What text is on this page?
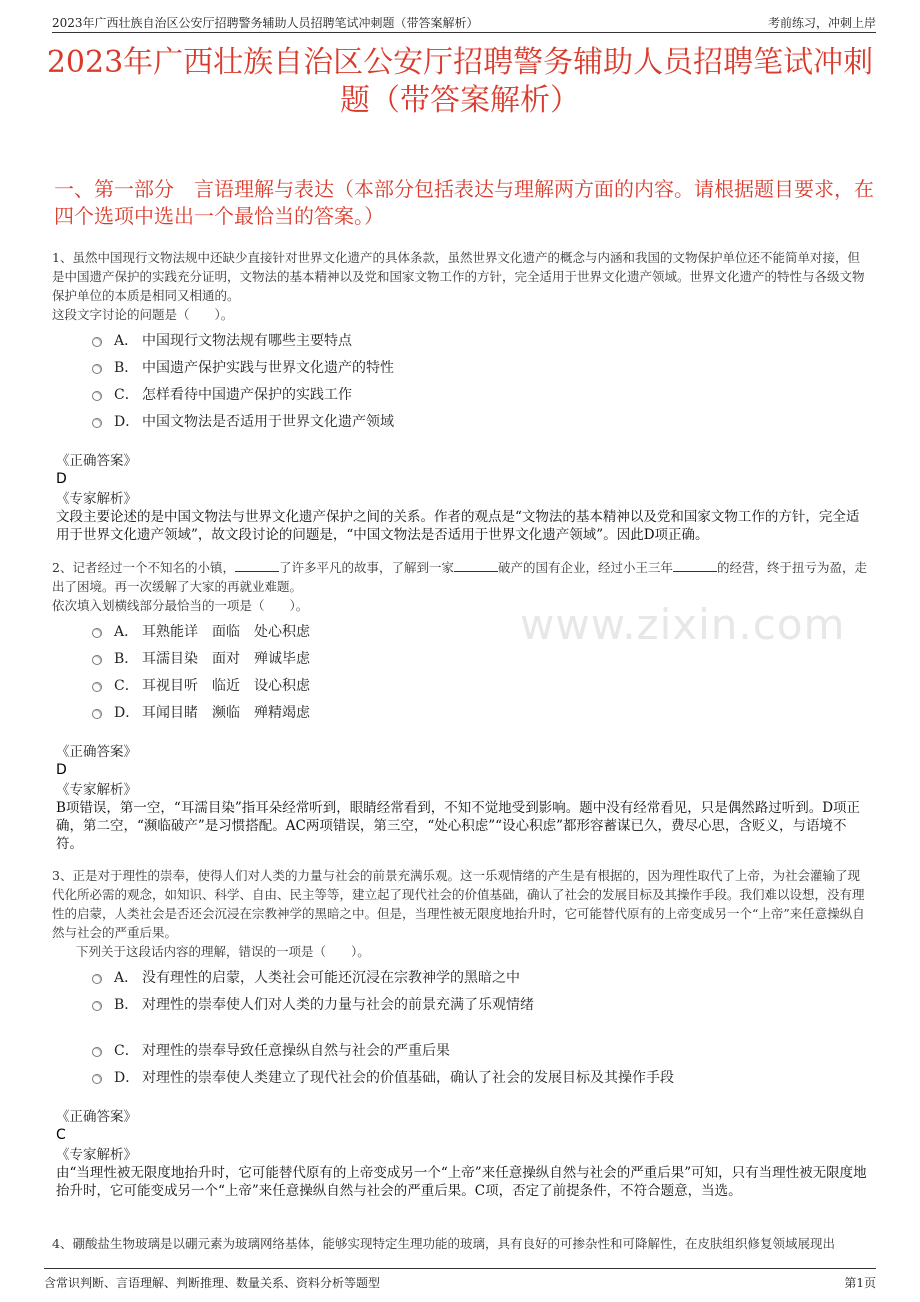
2023年广西壮族自治区公安厅招聘警务辅助人员招聘笔试冲刺题（带答案解析）	考前练习，冲刺上岸
www.zixin.com
2023年广西壮族自治区公安厅招聘警务辅助人员招聘笔试冲刺题（带答案解析）
一、第一部分　言语理解与表达（本部分包括表达与理解两方面的内容。请根据题目要求，在四个选项中选出一个最恰当的答案。）
1、虽然中国现行文物法规中还缺少直接针对世界文化遗产的具体条款，虽然世界文化遗产的概念与内涵和我国的文物保护单位还不能简单对接，但是中国遗产保护的实践充分证明，文物法的基本精神以及党和国家文物工作的方针，完全适用于世界文化遗产领域。世界文化遗产的特性与各级文物保护单位的本质是相同又相通的。
这段文字讨论的问题是（　　）。
A． 中国现行文物法规有哪些主要特点
B． 中国遗产保护实践与世界文化遗产的特性
C． 怎样看待中国遗产保护的实践工作
D． 中国文物法是否适用于世界文化遗产领域
《正确答案》
D
《专家解析》
文段主要论述的是中国文物法与世界文化遗产保护之间的关系。作者的观点是“文物法的基本精神以及党和国家文物工作的方针，完全适用于世界文化遗产领域”，故文段讨论的问题是，“中国文物法是否适用于世界文化遗产领域”。因此D项正确。
2、记者经过一个不知名的小镇，	了许多平凡的故事，了解到一家	破产的国有企业，经过小王三年	的经营，终于扭亏为盈，走出了困境。再一次缓解了大家的再就业难题。
依次填入划横线部分最恰当的一项是（　　）。
A． 耳熟能详　面临　处心积虑
B． 耳濡目染　面对　殚诚毕虑
C． 耳视目听　临近　设心积虑
D． 耳闻目睹　濒临　殚精竭虑
《正确答案》
D
《专家解析》
B项错误，第一空，“耳濡目染”指耳朵经常听到，眼睛经常看到，不知不觉地受到影响。题中没有经常看见，只是偶然路过听到。D项正确，第二空，“濒临破产”是习惯搭配。AC两项错误，第三空，“处心积虑”“设心积虑”都形容蓄谋已久，费尽心思，含贬义，与语境不符。
3、正是对于理性的崇奉，使得人们对人类的力量与社会的前景充满乐观。这一乐观情绪的产生是有根据的，因为理性取代了上帝，为社会灌输了现代化所必需的观念，如知识、科学、自由、民主等等，建立起了现代社会的价值基础，确认了社会的发展目标及其操作手段。我们难以设想，没有理性的启蒙，人类社会是否还会沉浸在宗教神学的黑暗之中。但是，当理性被无限度地抬升时，它可能替代原有的上帝变成另一个“上帝”来任意操纵自然与社会的严重后果。
下列关于这段话内容的理解，错误的一项是（　　）。
A． 没有理性的启蒙，人类社会可能还沉浸在宗教神学的黑暗之中
B． 对理性的崇奉使人们对人类的力量与社会的前景充满了乐观情绪
C． 对理性的崇奉导致任意操纵自然与社会的严重后果
D． 对理性的崇奉使人类建立了现代社会的价值基础，确认了社会的发展目标及其操作手段
《正确答案》
C
《专家解析》
由“当理性被无限度地抬升时，它可能替代原有的上帝变成另一个“上帝”来任意操纵自然与社会的严重后果”可知，只有当理性被无限度地抬升时，它可能变成另一个“上帝”来任意操纵自然与社会的严重后果。C项，否定了前提条件，不符合题意，当选。
4、硼酸盐生物玻璃是以硼元素为玻璃网络基体，能够实现特定生理功能的玻璃，具有良好的可掺杂性和可降解性，在皮肤组织修复领域展现出
含常识判断、言语理解、判断推理、数量关系、资料分析等题型	第1页
